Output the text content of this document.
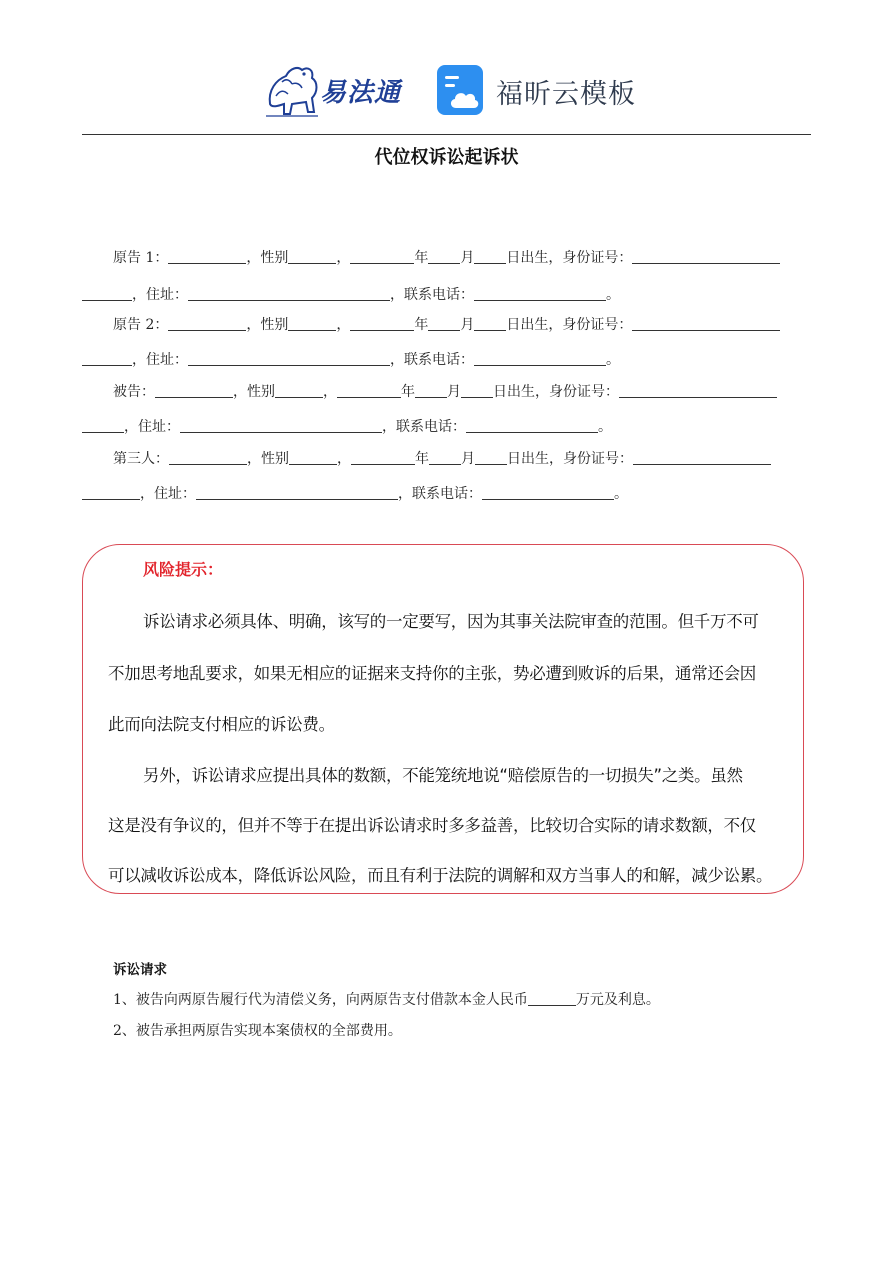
易法通	福昕云模板
代位权诉讼起诉状
原告 1：	，性别	，	年 月 日出生，身份证号：
，住址：	，联系电话：	。
原告 2：	，性别	，	年 月 日出生，身份证号：
，住址：	，联系电话：	。
被告：	，性别	，	年 月 日出生，身份证号：
，住址：	，联系电话：	。
第三人：	，性别	，	年 月 日出生，身份证号：
，住址：	，联系电话：	。
风险提示：

诉讼请求必须具体、明确，该写的一定要写，因为其事关法院审查的范围。但千万不可

不加思考地乱要求，如果无相应的证据来支持你的主张，势必遭到败诉的后果，通常还会因

此而向法院支付相应的诉讼费。

另外，诉讼请求应提出具体的数额，不能笼统地说“赔偿原告的一切损失”之类。虽然

这是没有争议的，但并不等于在提出诉讼请求时多多益善，比较切合实际的请求数额，不仅

可以减收诉讼成本，降低诉讼风险，而且有利于法院的调解和双方当事人的和解，减少讼累。

诉讼请求
1、被告向两原告履行代为清偿义务，向两原告支付借款本金人民币	万元及利息。
2、被告承担两原告实现本案债权的全部费用。
